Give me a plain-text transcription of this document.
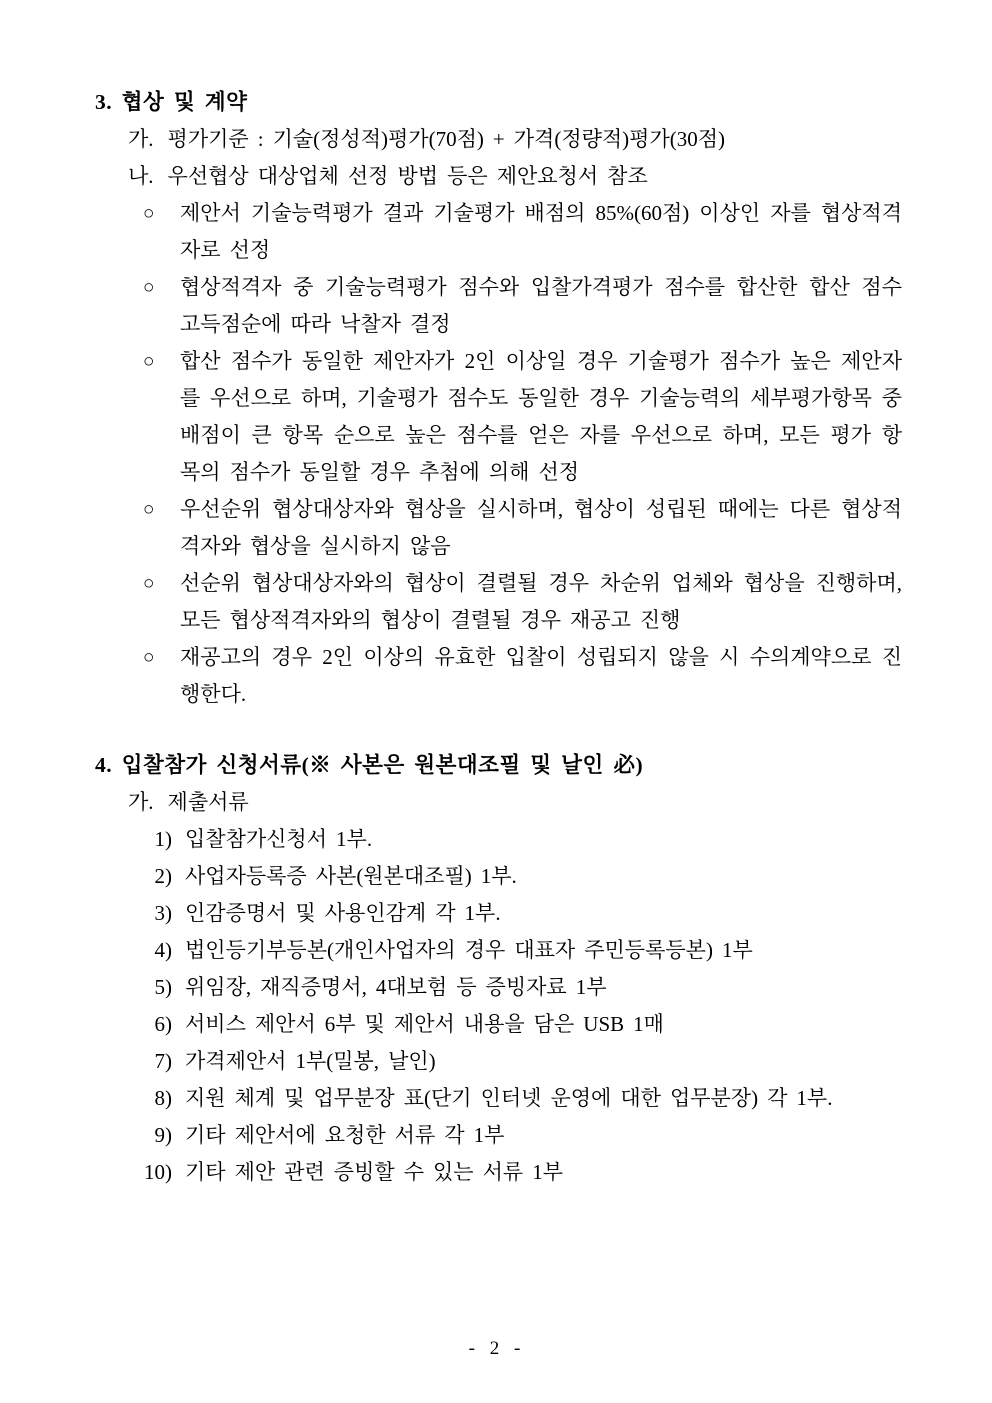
3. 협상 및 계약
가. 평가기준 : 기술(정성적)평가(70점) + 가격(정량적)평가(30점)
나. 우선협상 대상업체 선정 방법 등은 제안요청서 참조
○	제안서 기술능력평가 결과 기술평가 배점의 85%(60점) 이상인 자를 협상적격자로 선정
○	협상적격자 중 기술능력평가 점수와 입찰가격평가 점수를 합산한 합산 점수 고득점순에 따라 낙찰자 결정
○	합산 점수가 동일한 제안자가 2인 이상일 경우 기술평가 점수가 높은 제안자를 우선으로 하며, 기술평가 점수도 동일한 경우 기술능력의 세부평가항목 중 배점이 큰 항목 순으로 높은 점수를 얻은 자를 우선으로 하며, 모든 평가 항목의 점수가 동일할 경우 추첨에 의해 선정
○	우선순위 협상대상자와 협상을 실시하며, 협상이 성립된 때에는 다른 협상적격자와 협상을 실시하지 않음
○	선순위 협상대상자와의 협상이 결렬될 경우 차순위 업체와 협상을 진행하며, 모든 협상적격자와의 협상이 결렬될 경우 재공고 진행
○	재공고의 경우 2인 이상의 유효한 입찰이 성립되지 않을 시 수의계약으로 진행한다.
4. 입찰참가 신청서류(※ 사본은 원본대조필 및 날인 必)
가. 제출서류
1) 입찰참가신청서 1부.
2) 사업자등록증 사본(원본대조필) 1부.
3) 인감증명서 및 사용인감계 각 1부.
4) 법인등기부등본(개인사업자의 경우 대표자 주민등록등본) 1부
5) 위임장, 재직증명서, 4대보험 등 증빙자료 1부
6) 서비스 제안서 6부 및 제안서 내용을 담은 USB 1매
7) 가격제안서 1부(밀봉, 날인)
8) 지원 체계 및 업무분장 표(단기 인터넷 운영에 대한 업무분장) 각 1부.
9) 기타 제안서에 요청한 서류 각 1부
10) 기타 제안 관련 증빙할 수 있는 서류 1부
- 2 -
